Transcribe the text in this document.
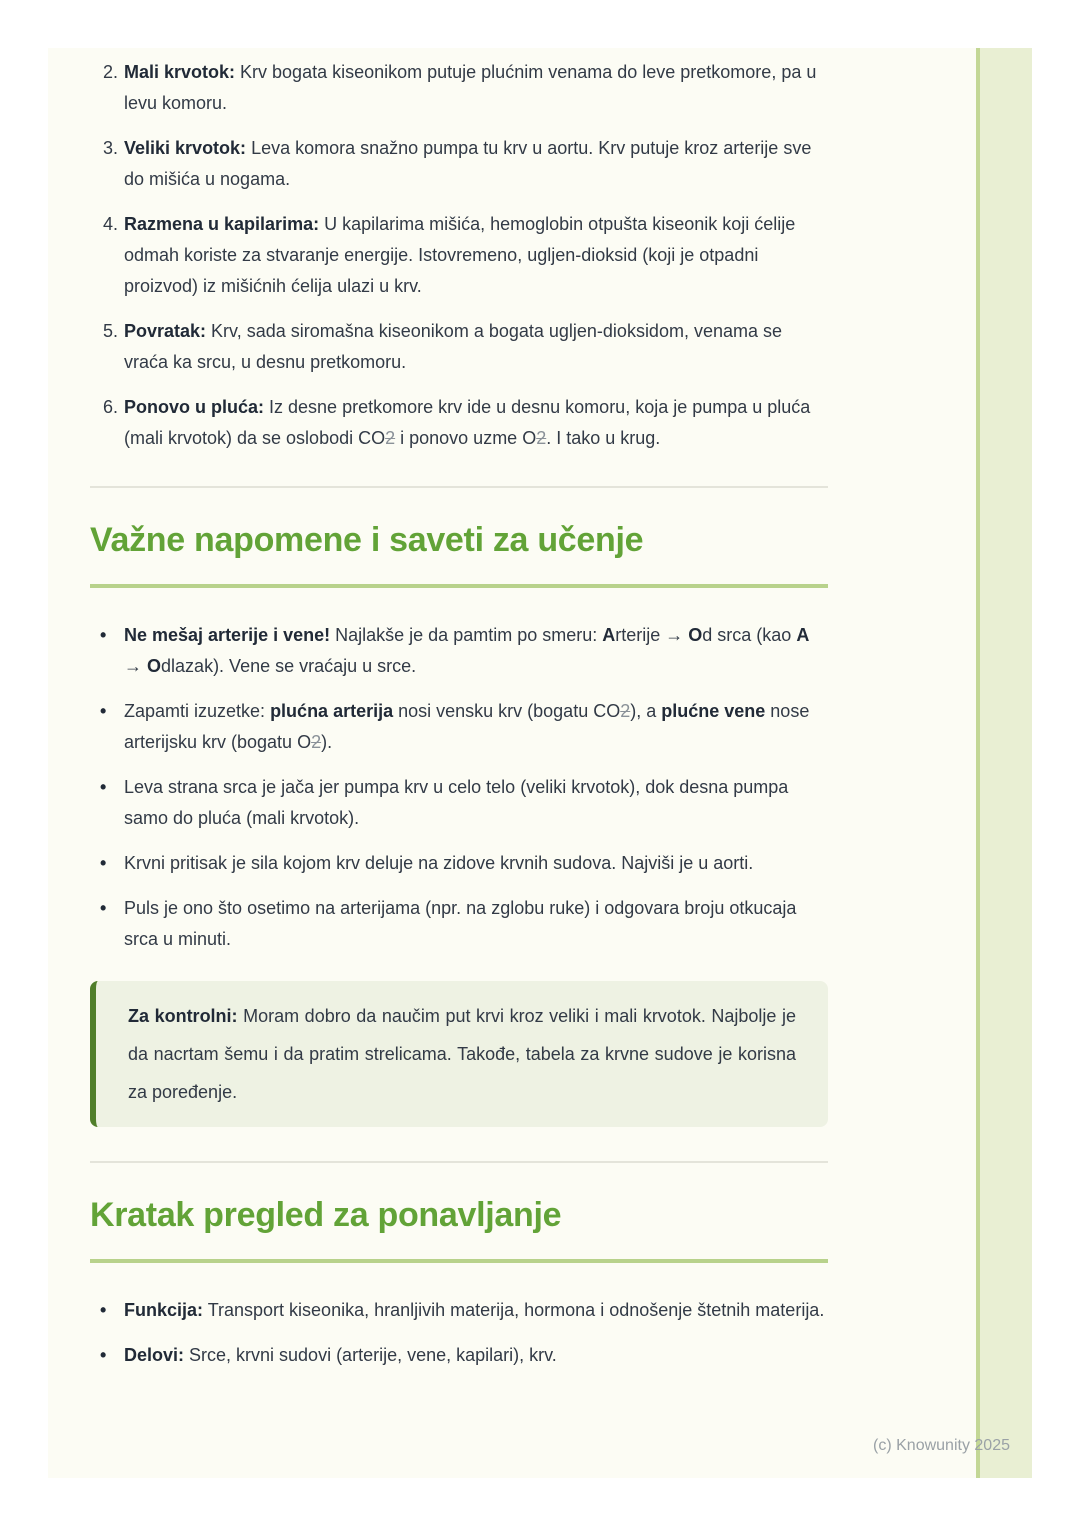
2. Mali krvotok: Krv bogata kiseonikom putuje plućnim venama do leve pretkomore, pa u levu komoru.
3. Veliki krvotok: Leva komora snažno pumpa tu krv u aortu. Krv putuje kroz arterije sve do mišića u nogama.
4. Razmena u kapilarima: U kapilarima mišića, hemoglobin otpušta kiseonik koji ćelije odmah koriste za stvaranje energije. Istovremeno, ugljen-dioksid (koji je otpadni proizvod) iz mišićnih ćelija ulazi u krv.
5. Povratak: Krv, sada siromašna kiseonikom a bogata ugljen-dioksidom, venama se vraća ka srcu, u desnu pretkomoru.
6. Ponovo u pluća: Iz desne pretkomore krv ide u desnu komoru, koja je pumpa u pluća (mali krvotok) da se oslobodi CO2 i ponovo uzme O2. I tako u krug.
Važne napomene i saveti za učenje
• Ne mešaj arterije i vene! Najlakše je da pamtim po smeru: Arterije → Od srca (kao A → Odlazak). Vene se vraćaju u srce.
• Zapamti izuzetke: plućna arterija nosi vensku krv (bogatu CO2), a plućne vene nose arterijsku krv (bogatu O2).
• Leva strana srca je jača jer pumpa krv u celo telo (veliki krvotok), dok desna pumpa samo do pluća (mali krvotok).
• Krvni pritisak je sila kojom krv deluje na zidove krvnih sudova. Najviši je u aorti.
• Puls je ono što osetimo na arterijama (npr. na zglobu ruke) i odgovara broju otkucaja srca u minuti.
Za kontrolni: Moram dobro da naučim put krvi kroz veliki i mali krvotok. Najbolje je da nacrtam šemu i da pratim strelicama. Takođe, tabela za krvne sudove je korisna za poređenje.
Kratak pregled za ponavljanje
• Funkcija: Transport kiseonika, hranljivih materija, hormona i odnošenje štetnih materija.
• Delovi: Srce, krvni sudovi (arterije, vene, kapilari), krv.
(c) Knowunity 2025
